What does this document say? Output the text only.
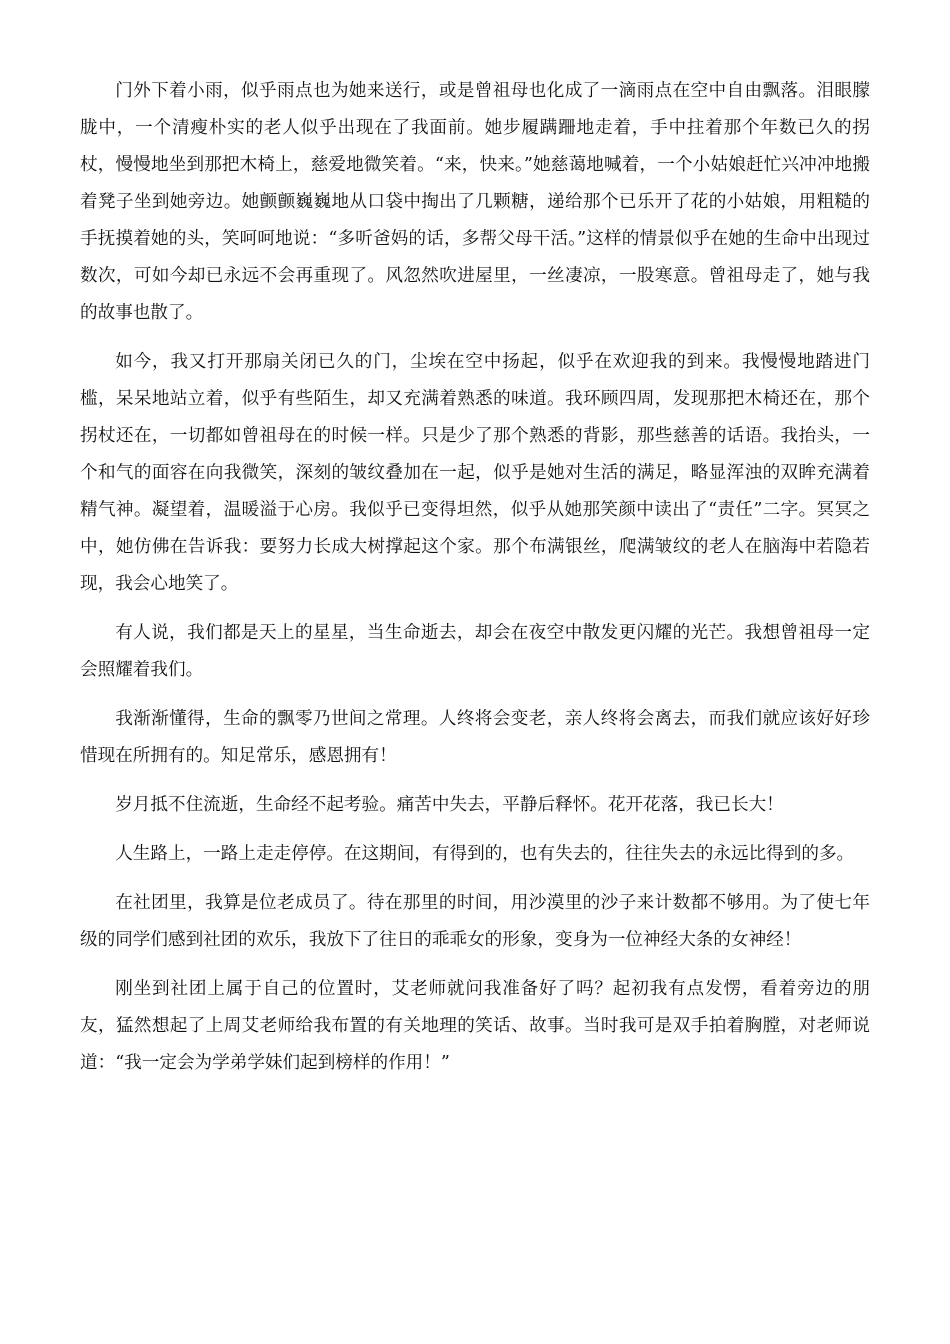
门外下着小雨，似乎雨点也为她来送行，或是曾祖母也化成了一滴雨点在空中自由飘落。泪眼朦胧中，一个清瘦朴实的老人似乎出现在了我面前。她步履蹒跚地走着，手中拄着那个年数已久的拐杖，慢慢地坐到那把木椅上，慈爱地微笑着。“来，快来。”她慈蔼地喊着，一个小姑娘赶忙兴冲冲地搬着凳子坐到她旁边。她颤颤巍巍地从口袋中掏出了几颗糖，递给那个已乐开了花的小姑娘，用粗糙的手抚摸着她的头，笑呵呵地说：“多听爸妈的话，多帮父母干活。”这样的情景似乎在她的生命中出现过数次，可如今却已永远不会再重现了。风忽然吹进屋里，一丝凄凉，一股寒意。曾祖母走了，她与我的故事也散了。

如今，我又打开那扇关闭已久的门，尘埃在空中扬起，似乎在欢迎我的到来。我慢慢地踏进门槛，呆呆地站立着，似乎有些陌生，却又充满着熟悉的味道。我环顾四周，发现那把木椅还在，那个拐杖还在，一切都如曾祖母在的时候一样。只是少了那个熟悉的背影，那些慈善的话语。我抬头，一个和气的面容在向我微笑，深刻的皱纹叠加在一起，似乎是她对生活的满足，略显浑浊的双眸充满着精气神。凝望着，温暖溢于心房。我似乎已变得坦然，似乎从她那笑颜中读出了“责任”二字。冥冥之中，她仿佛在告诉我：要努力长成大树撑起这个家。那个布满银丝，爬满皱纹的老人在脑海中若隐若现，我会心地笑了。

有人说，我们都是天上的星星，当生命逝去，却会在夜空中散发更闪耀的光芒。我想曾祖母一定会照耀着我们。

我渐渐懂得，生命的飘零乃世间之常理。人终将会变老，亲人终将会离去，而我们就应该好好珍惜现在所拥有的。知足常乐，感恩拥有！

岁月抵不住流逝，生命经不起考验。痛苦中失去，平静后释怀。花开花落，我已长大！

人生路上，一路上走走停停。在这期间，有得到的，也有失去的，往往失去的永远比得到的多。

在社团里，我算是位老成员了。待在那里的时间，用沙漠里的沙子来计数都不够用。为了使七年级的同学们感到社团的欢乐，我放下了往日的乖乖女的形象，变身为一位神经大条的女神经！

刚坐到社团上属于自己的位置时，艾老师就问我准备好了吗？起初我有点发愣，看着旁边的朋友，猛然想起了上周艾老师给我布置的有关地理的笑话、故事。当时我可是双手拍着胸膛，对老师说道：“我一定会为学弟学妹们起到榜样的作用！”
